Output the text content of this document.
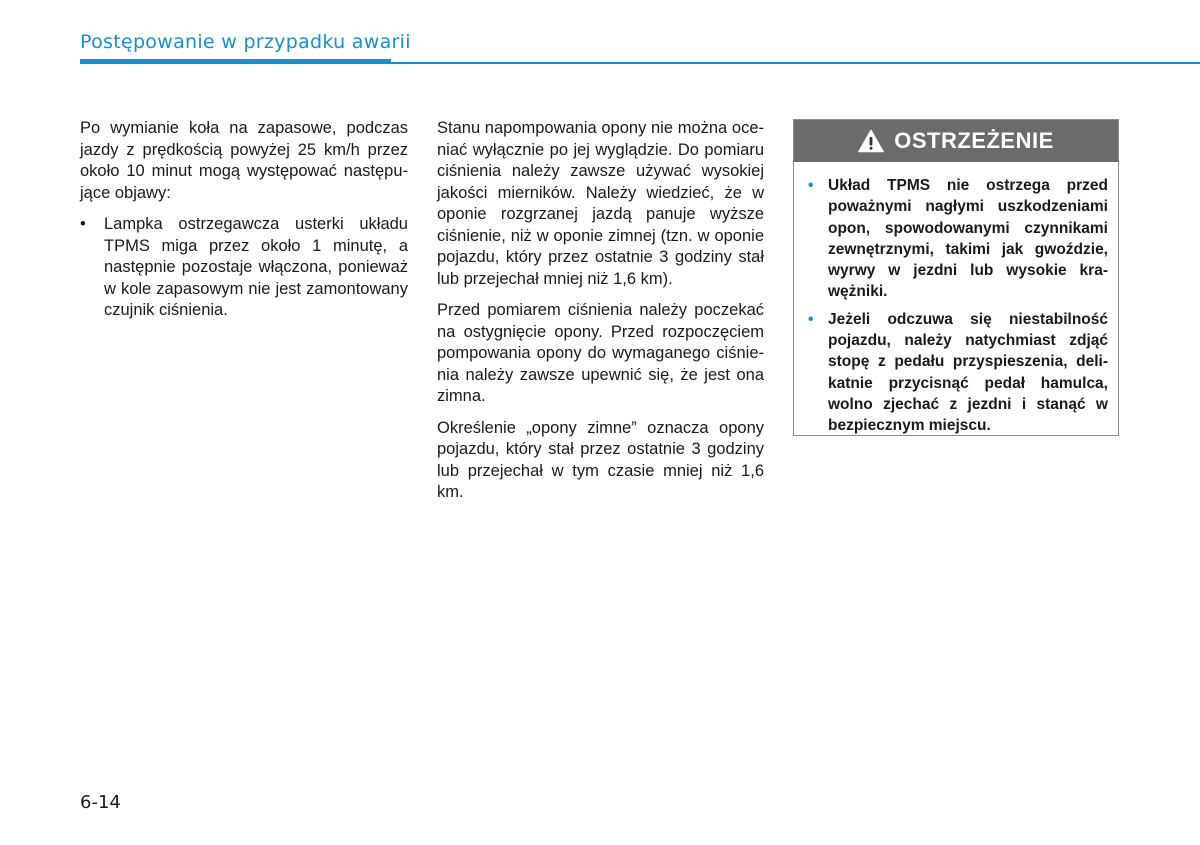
Postępowanie w przypadku awarii

Po wymianie koła na zapasowe, podczas jazdy z prędkością powyżej 25 km/h przez około 10 minut mogą występować następujące objawy:

• Lampka ostrzegawcza usterki układu TPMS miga przez około 1 minutę, a następnie pozostaje włączona, ponieważ w kole zapasowym nie jest zamontowany czujnik ciśnienia.

Stanu napompowania opony nie można oceniać wyłącznie po jej wyglądzie. Do pomiaru ciśnienia należy zawsze używać wysokiej jakości mierników. Należy wiedzieć, że w oponie rozgrzanej jazdą panuje wyższe ciśnienie, niż w oponie zimnej (tzn. w oponie pojazdu, który przez ostatnie 3 godziny stał lub przejechał mniej niż 1,6 km).

Przed pomiarem ciśnienia należy poczekać na ostygnięcie opony. Przed rozpoczęciem pompowania opony do wymaganego ciśnienia należy zawsze upewnić się, że jest ona zimna.

Określenie „opony zimne” oznacza opony pojazdu, który stał przez ostatnie 3 godziny lub przejechał w tym czasie mniej niż 1,6 km.

OSTRZEŻENIE
• Układ TPMS nie ostrzega przed poważnymi nagłymi uszkodzeniami opon, spowodowanymi czynnikami zewnętrznymi, takimi jak gwoździe, wyrwy w jezdni lub wysokie krawężniki.
• Jeżeli odczuwa się niestabilność pojazdu, należy natychmiast zdjąć stopę z pedału przyspieszenia, delikatnie przycisnąć pedał hamulca, wolno zjechać z jezdni i stanąć w bezpiecznym miejscu.
6-14
